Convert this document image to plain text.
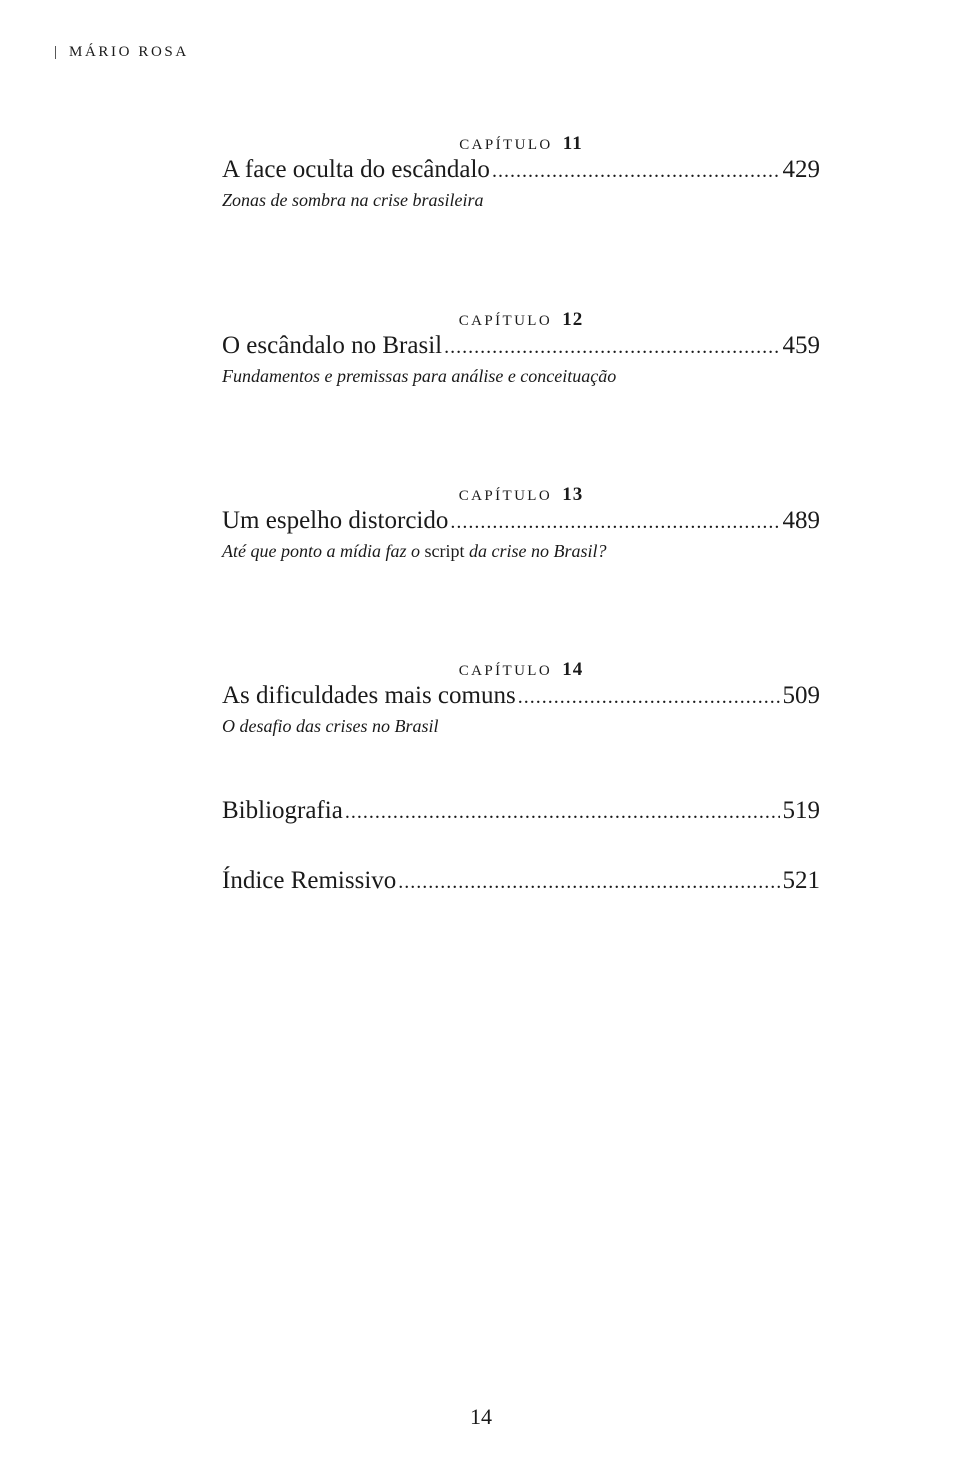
| MÁRIO ROSA
CAPÍTULO 11
A face oculta do escândalo .....	429
Zonas de sombra na crise brasileira
CAPÍTULO 12
O escândalo no Brasil .....	459
Fundamentos e premissas para análise e conceituação
CAPÍTULO 13
Um espelho distorcido .....	489
Até que ponto a mídia faz o script da crise no Brasil?
CAPÍTULO 14
As dificuldades mais comuns .....	509
O desafio das crises no Brasil
Bibliografia .....	519
Índice Remissivo .....	521
14
